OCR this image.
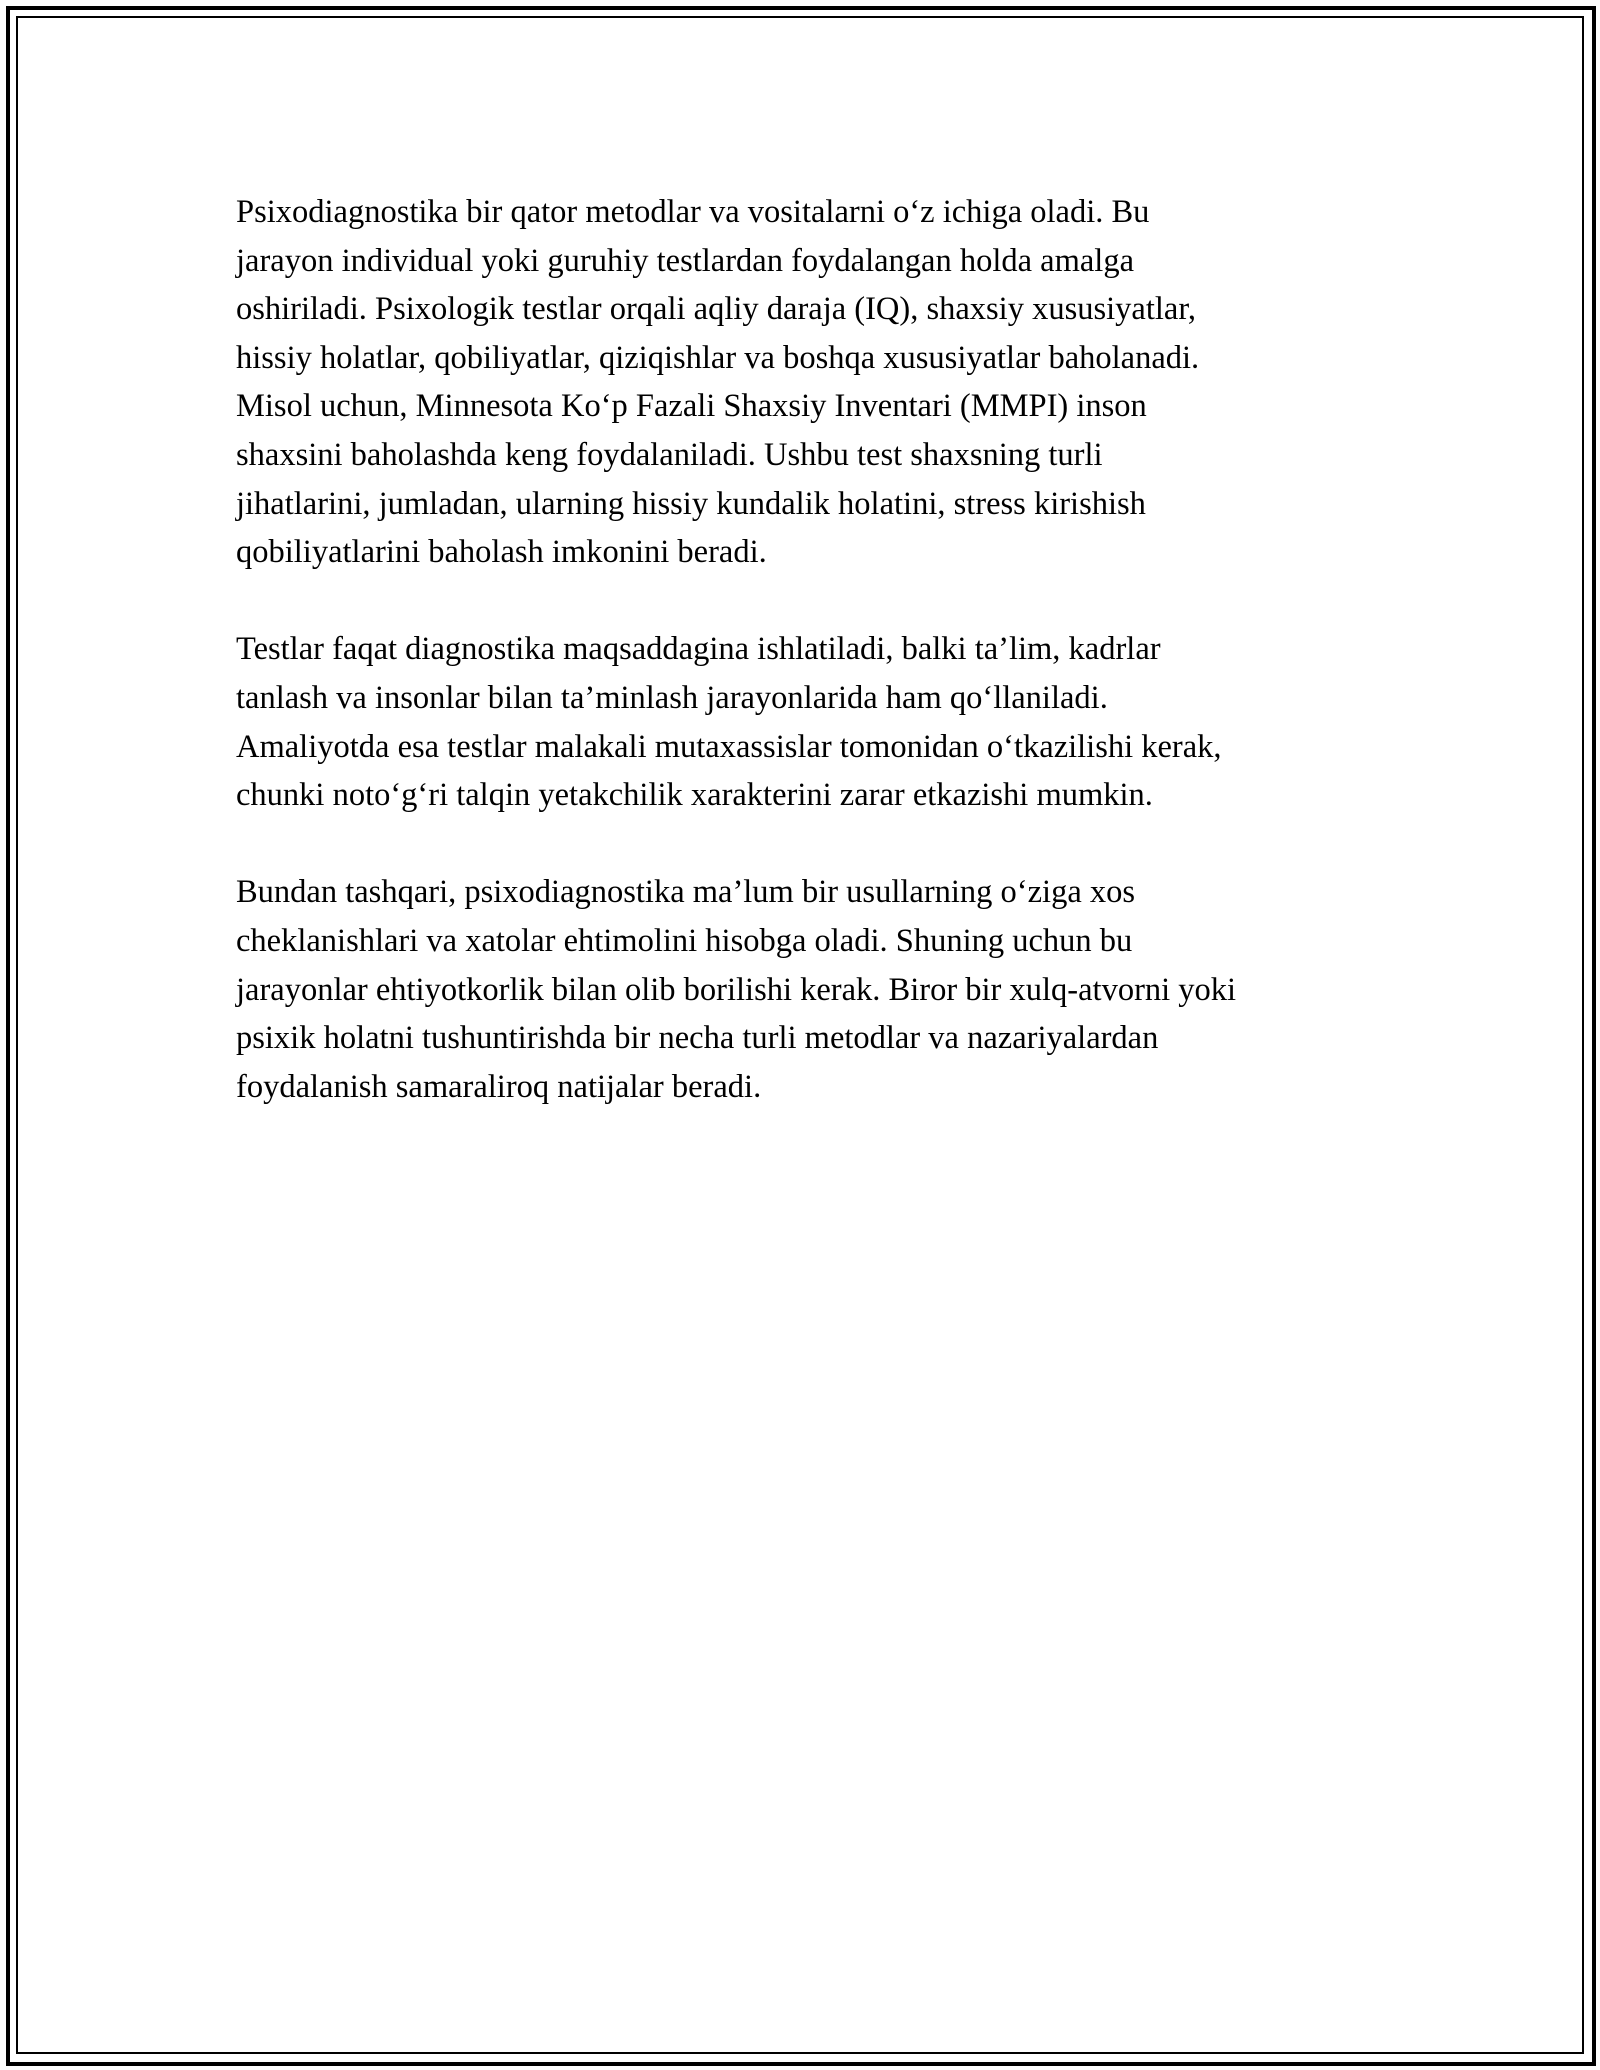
Psixodiagnostika bir qator metodlar va vositalarni o‘z ichiga oladi. Bu
jarayon individual yoki guruhiy testlardan foydalangan holda amalga
oshiriladi. Psixologik testlar orqali aqliy daraja (IQ), shaxsiy xususiyatlar,
hissiy holatlar, qobiliyatlar, qiziqishlar va boshqa xususiyatlar baholanadi.
Misol uchun, Minnesota Ko‘p Fazali Shaxsiy Inventari (MMPI) inson
shaxsini baholashda keng foydalaniladi. Ushbu test shaxsning turli
jihatlarini, jumladan, ularning hissiy kundalik holatini, stress kirishish
qobiliyatlarini baholash imkonini beradi.

Testlar faqat diagnostika maqsaddagina ishlatiladi, balki ta’lim, kadrlar
tanlash va insonlar bilan ta’minlash jarayonlarida ham qo‘llaniladi.
Amaliyotda esa testlar malakali mutaxassislar tomonidan o‘tkazilishi kerak,
chunki noto‘g‘ri talqin yetakchilik xarakterini zarar etkazishi mumkin.

Bundan tashqari, psixodiagnostika ma’lum bir usullarning o‘ziga xos
cheklanishlari va xatolar ehtimolini hisobga oladi. Shuning uchun bu
jarayonlar ehtiyotkorlik bilan olib borilishi kerak. Biror bir xulq-atvorni yoki
psixik holatni tushuntirishda bir necha turli metodlar va nazariyalardan
foydalanish samaraliroq natijalar beradi.
